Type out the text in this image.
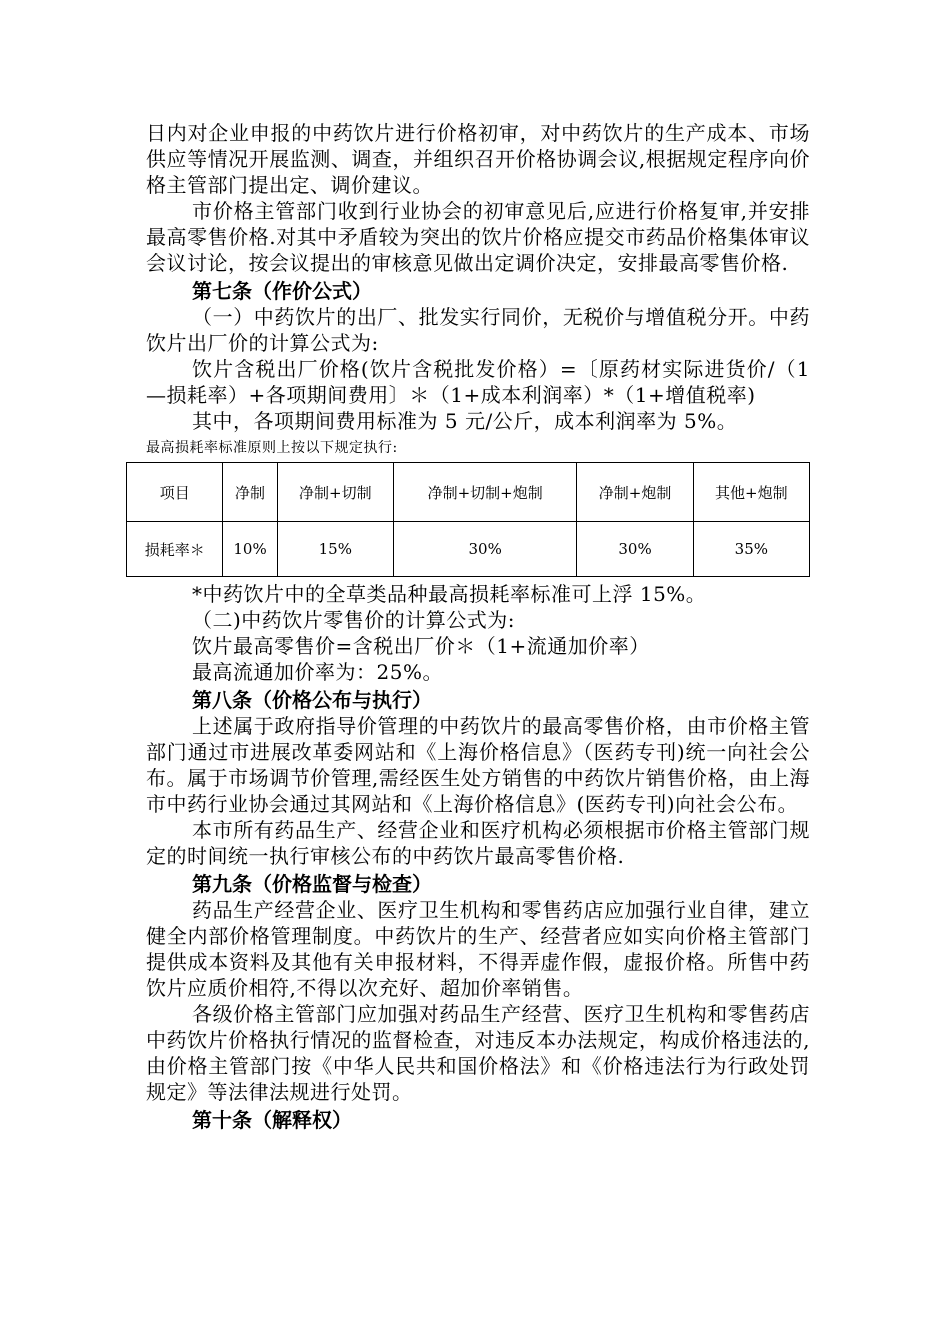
日内对企业申报的中药饮片进行价格初审，对中药饮片的生产成本、市场供应等情况开展监测、调查，并组织召开价格协调会议,根据规定程序向价格主管部门提出定、调价建议。

市价格主管部门收到行业协会的初审意见后,应进行价格复审,并安排最高零售价格.对其中矛盾较为突出的饮片价格应提交市药品价格集体审议会议讨论，按会议提出的审核意见做出定调价决定，安排最高零售价格.

第七条（作价公式）

（一）中药饮片的出厂、批发实行同价，无税价与增值税分开。中药饮片出厂价的计算公式为:

饮片含税出厂价格(饮片含税批发价格）=〔原药材实际进货价/（1—损耗率）+各项期间费用〕＊（1+成本利润率）*（1+增值税率)

其中，各项期间费用标准为 5 元/公斤，成本利润率为 5%。

最高损耗率标准原则上按以下规定执行:

项目	净制	净制+切制	净制+切制+炮制	净制+炮制	其他+炮制
损耗率＊	10%	15%	30%	30%	35%

*中药饮片中的全草类品种最高损耗率标准可上浮 15%。

（二)中药饮片零售价的计算公式为:

饮片最高零售价=含税出厂价＊（1+流通加价率）

最高流通加价率为：25%。

第八条（价格公布与执行）

上述属于政府指导价管理的中药饮片的最高零售价格，由市价格主管部门通过市进展改革委网站和《上海价格信息》（医药专刊)统一向社会公布。属于市场调节价管理,需经医生处方销售的中药饮片销售价格，由上海市中药行业协会通过其网站和《上海价格信息》(医药专刊)向社会公布。

本市所有药品生产、经营企业和医疗机构必须根据市价格主管部门规定的时间统一执行审核公布的中药饮片最高零售价格.

第九条（价格监督与检查）

药品生产经营企业、医疗卫生机构和零售药店应加强行业自律，建立健全内部价格管理制度。中药饮片的生产、经营者应如实向价格主管部门提供成本资料及其他有关申报材料，不得弄虚作假，虚报价格。所售中药饮片应质价相符,不得以次充好、超加价率销售。

各级价格主管部门应加强对药品生产经营、医疗卫生机构和零售药店中药饮片价格执行情况的监督检查，对违反本办法规定，构成价格违法的,由价格主管部门按《中华人民共和国价格法》和《价格违法行为行政处罚规定》等法律法规进行处罚。

第十条（解释权）
